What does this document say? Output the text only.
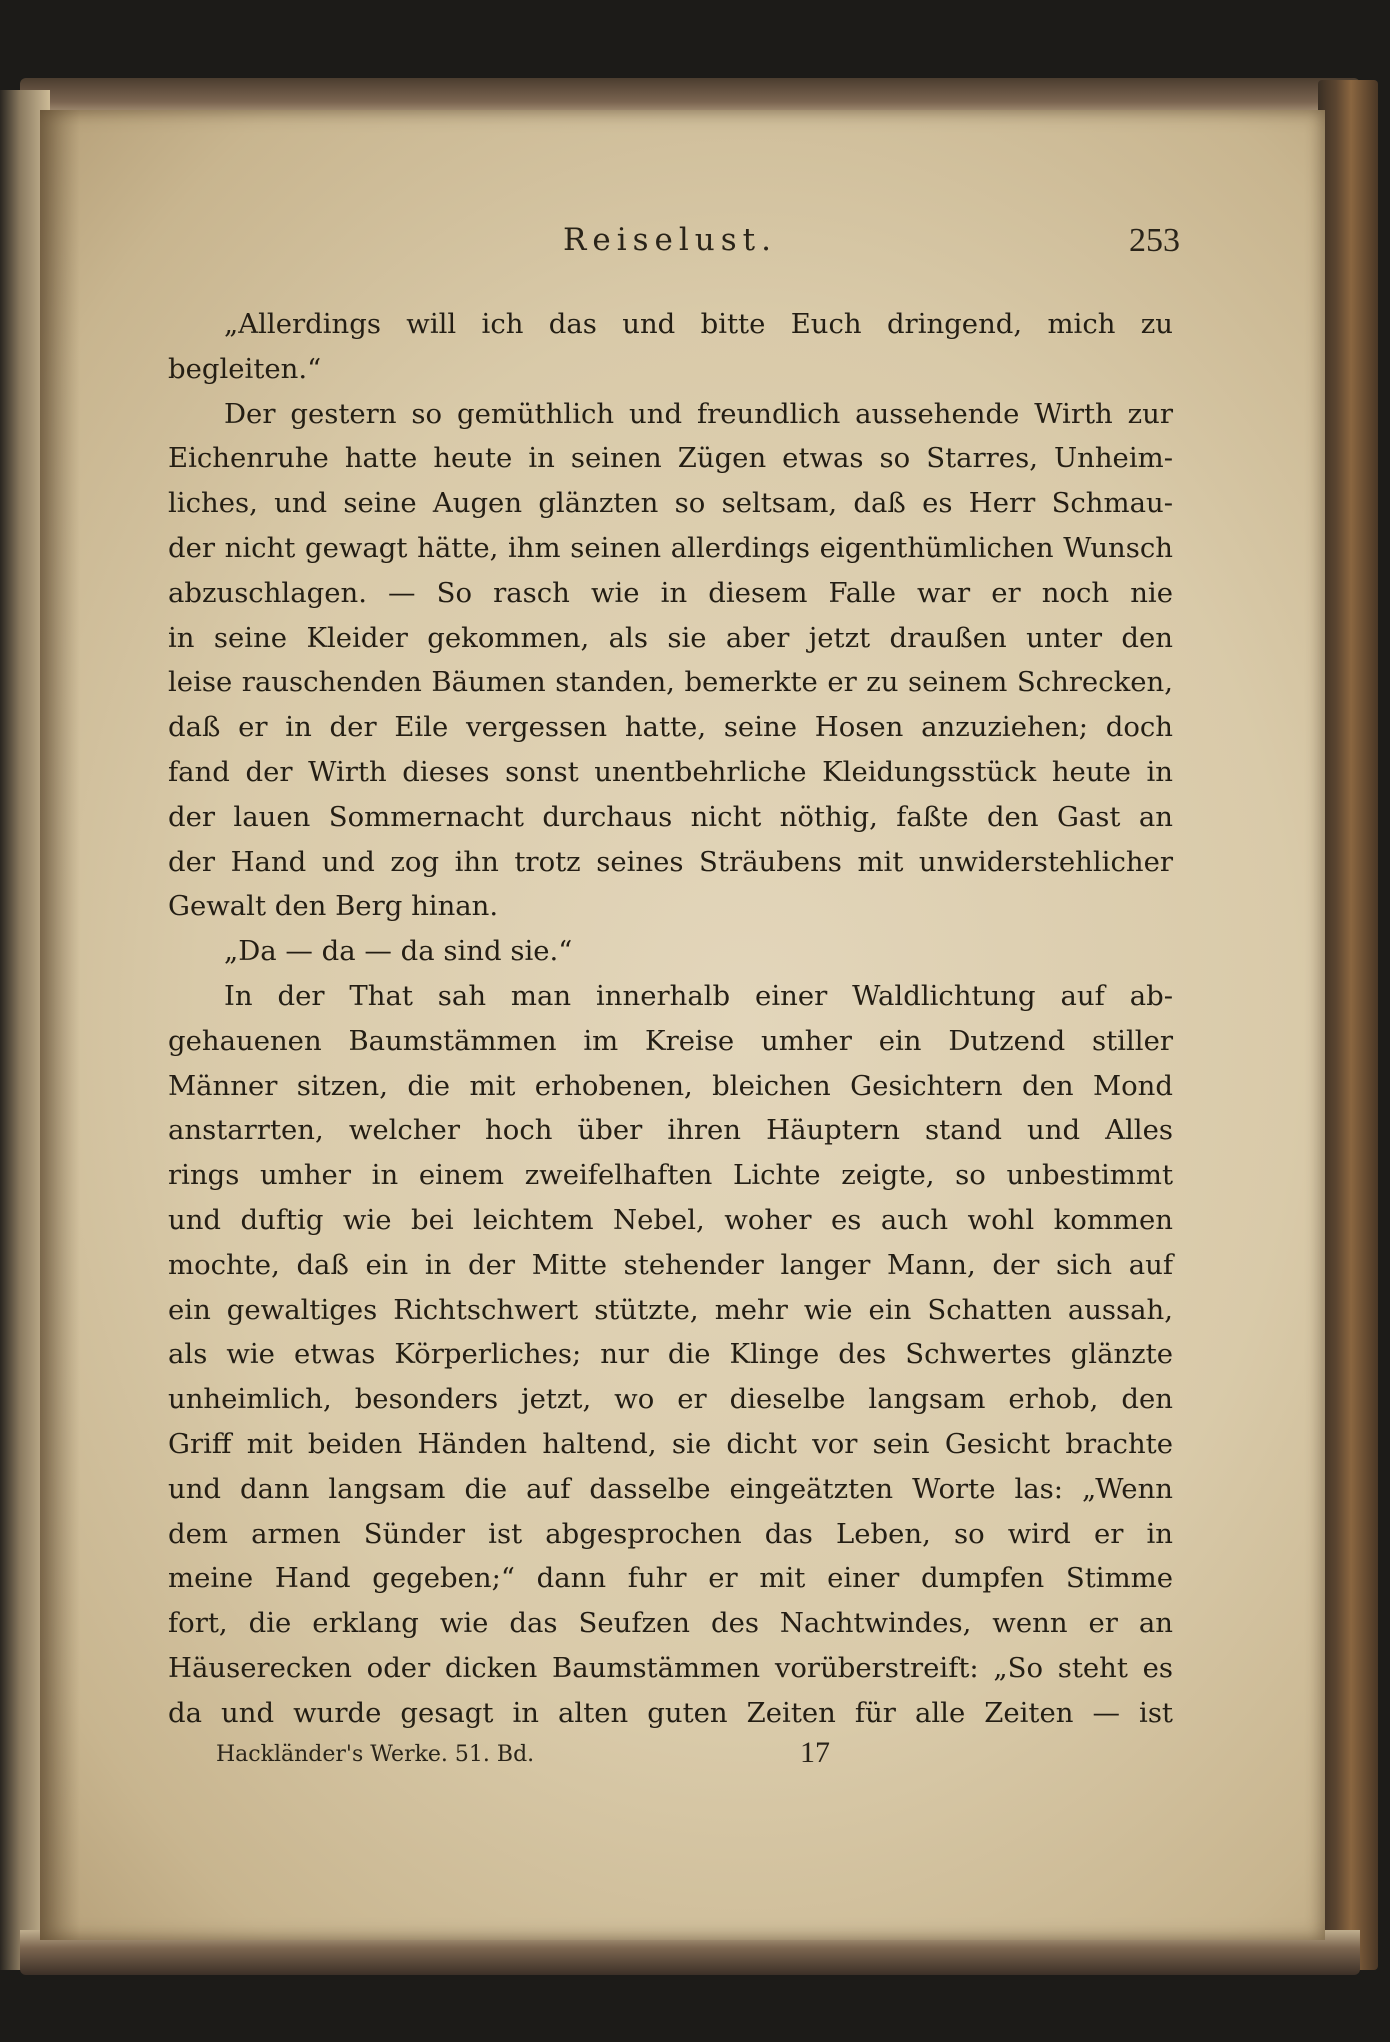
Reiselust.	253

„Allerdings will ich das und bitte Euch dringend, mich zu
begleiten.“

Der gestern so gemüthlich und freundlich aussehende Wirth zur
Eichenruhe hatte heute in seinen Zügen etwas so Starres, Unheim-
liches, und seine Augen glänzten so seltsam, daß es Herr Schmau-
der nicht gewagt hätte, ihm seinen allerdings eigenthümlichen Wunsch
abzuschlagen. — So rasch wie in diesem Falle war er noch nie
in seine Kleider gekommen, als sie aber jetzt draußen unter den
leise rauschenden Bäumen standen, bemerkte er zu seinem Schrecken,
daß er in der Eile vergessen hatte, seine Hosen anzuziehen; doch
fand der Wirth dieses sonst unentbehrliche Kleidungsstück heute in
der lauen Sommernacht durchaus nicht nöthig, faßte den Gast an
der Hand und zog ihn trotz seines Sträubens mit unwiderstehlicher
Gewalt den Berg hinan.

„Da — da — da sind sie.“

In der That sah man innerhalb einer Waldlichtung auf ab-
gehauenen Baumstämmen im Kreise umher ein Dutzend stiller
Männer sitzen, die mit erhobenen, bleichen Gesichtern den Mond
anstarrten, welcher hoch über ihren Häuptern stand und Alles
rings umher in einem zweifelhaften Lichte zeigte, so unbestimmt
und duftig wie bei leichtem Nebel, woher es auch wohl kommen
mochte, daß ein in der Mitte stehender langer Mann, der sich auf
ein gewaltiges Richtschwert stützte, mehr wie ein Schatten aussah,
als wie etwas Körperliches; nur die Klinge des Schwertes glänzte
unheimlich, besonders jetzt, wo er dieselbe langsam erhob, den
Griff mit beiden Händen haltend, sie dicht vor sein Gesicht brachte
und dann langsam die auf dasselbe eingeätzten Worte las: „Wenn
dem armen Sünder ist abgesprochen das Leben, so wird er in
meine Hand gegeben;“ dann fuhr er mit einer dumpfen Stimme
fort, die erklang wie das Seufzen des Nachtwindes, wenn er an
Häuserecken oder dicken Baumstämmen vorüberstreift: „So steht es
da und wurde gesagt in alten guten Zeiten für alle Zeiten — ist

Hackländer's Werke. 51. Bd.	17
